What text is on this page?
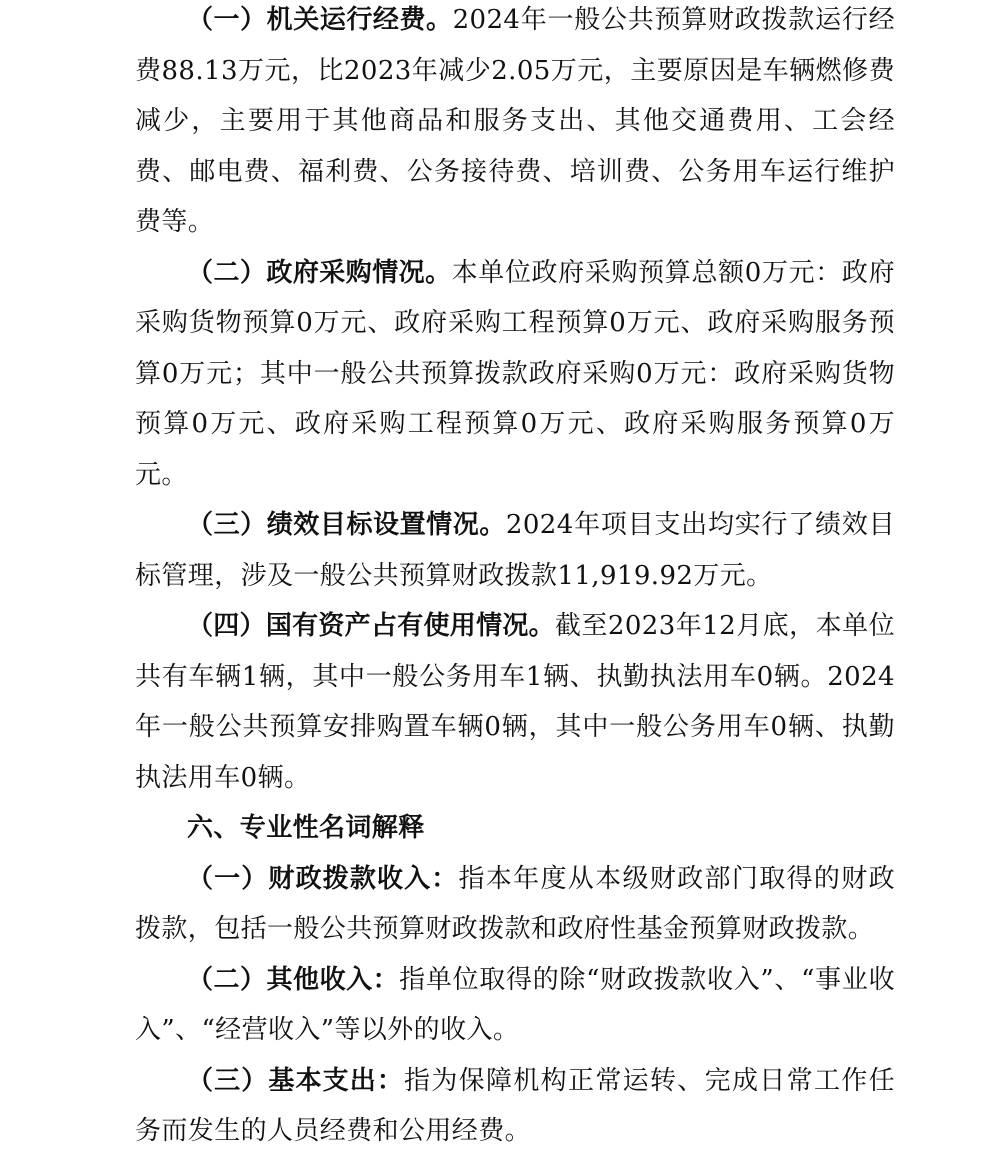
（一）机关运行经费。2024年一般公共预算财政拨款运行经费88.13万元，比2023年减少2.05万元，主要原因是车辆燃修费减少，主要用于其他商品和服务支出、其他交通费用、工会经费、邮电费、福利费、公务接待费、培训费、公务用车运行维护费等。

（二）政府采购情况。本单位政府采购预算总额0万元：政府采购货物预算0万元、政府采购工程预算0万元、政府采购服务预算0万元；其中一般公共预算拨款政府采购0万元：政府采购货物预算0万元、政府采购工程预算0万元、政府采购服务预算0万元。

（三）绩效目标设置情况。2024年项目支出均实行了绩效目标管理，涉及一般公共预算财政拨款11,919.92万元。

（四）国有资产占有使用情况。截至2023年12月底，本单位共有车辆1辆，其中一般公务用车1辆、执勤执法用车0辆。2024年一般公共预算安排购置车辆0辆，其中一般公务用车0辆、执勤执法用车0辆。

六、专业性名词解释

（一）财政拨款收入：指本年度从本级财政部门取得的财政拨款，包括一般公共预算财政拨款和政府性基金预算财政拨款。

（二）其他收入：指单位取得的除“财政拨款收入”、“事业收入”、“经营收入”等以外的收入。

（三）基本支出：指为保障机构正常运转、完成日常工作任务而发生的人员经费和公用经费。
